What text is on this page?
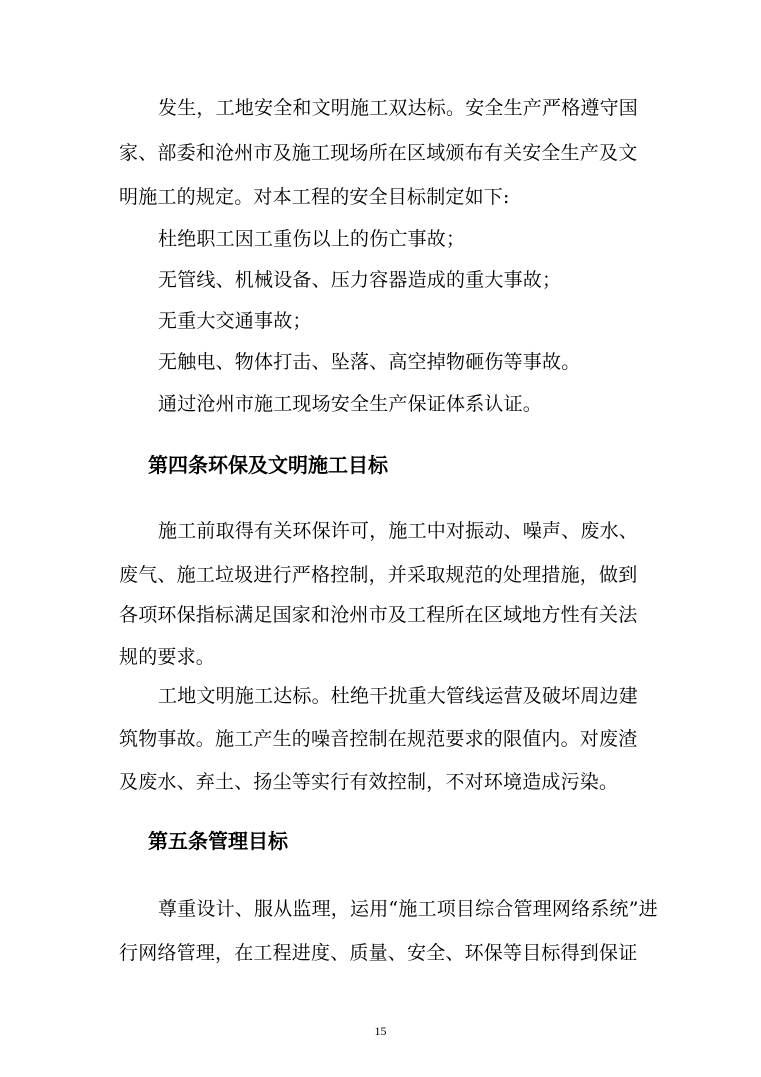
发生，工地安全和文明施工双达标。安全生产严格遵守国
家、部委和沧州市及施工现场所在区域颁布有关安全生产及文
明施工的规定。对本工程的安全目标制定如下:
杜绝职工因工重伤以上的伤亡事故；
无管线、机械设备、压力容器造成的重大事故；
无重大交通事故；
无触电、物体打击、坠落、高空掉物砸伤等事故。
通过沧州市施工现场安全生产保证体系认证。
第四条环保及文明施工目标
施工前取得有关环保许可，施工中对振动、噪声、废水、
废气、施工垃圾进行严格控制，并采取规范的处理措施，做到
各项环保指标满足国家和沧州市及工程所在区域地方性有关法
规的要求。
工地文明施工达标。杜绝干扰重大管线运营及破坏周边建
筑物事故。施工产生的噪音控制在规范要求的限值内。对废渣
及废水、弃土、扬尘等实行有效控制，不对环境造成污染。
第五条管理目标
尊重设计、服从监理，运用“施工项目综合管理网络系统”进
行网络管理，在工程进度、质量、安全、环保等目标得到保证
15
